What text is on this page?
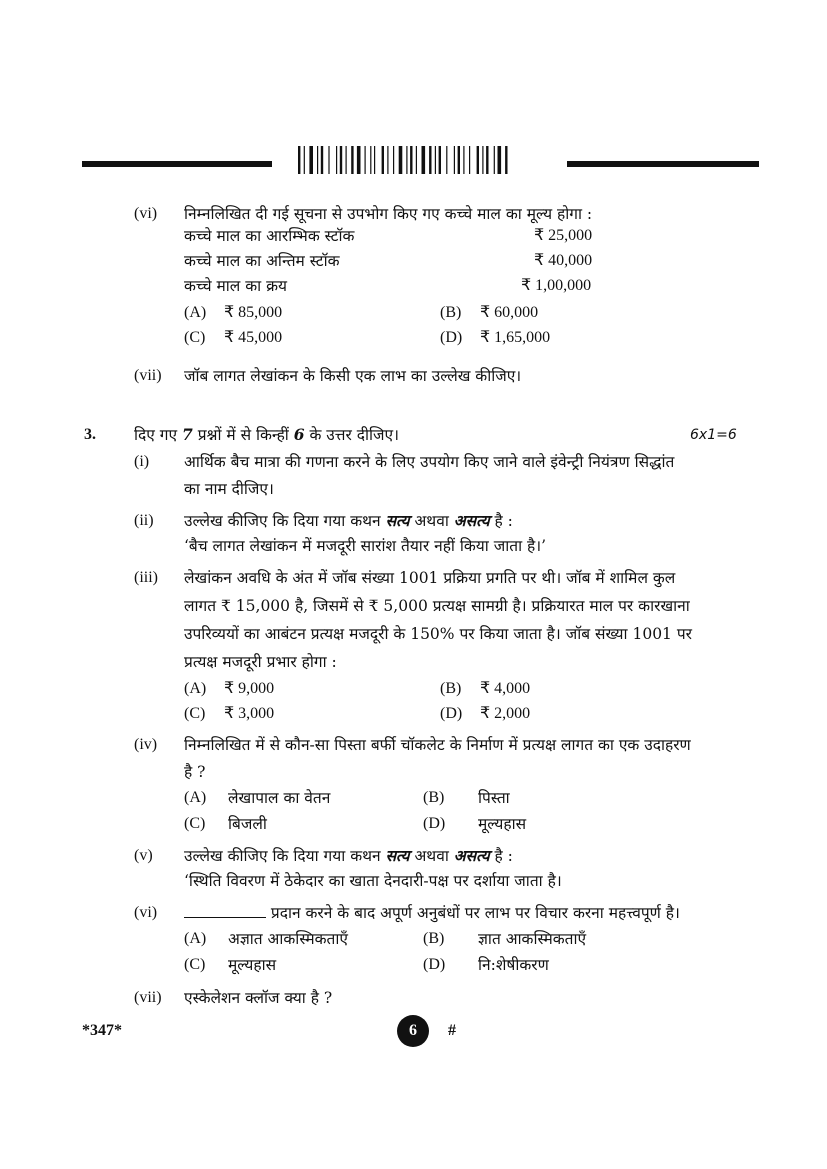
(vi) निम्नलिखित दी गई सूचना से उपभोग किए गए कच्चे माल का मूल्य होगा :
कच्चे माल का आरम्भिक स्टॉक	₹ 25,000
कच्चे माल का अन्तिम स्टॉक	₹ 40,000
कच्चे माल का क्रय	₹ 1,00,000
(A) ₹ 85,000	(B) ₹ 60,000
(C) ₹ 45,000	(D) ₹ 1,65,000
(vii) जॉब लागत लेखांकन के किसी एक लाभ का उल्लेख कीजिए।
3. दिए गए 7 प्रश्नों में से किन्हीं 6 के उत्तर दीजिए।	6x1=6
(i) आर्थिक बैच मात्रा की गणना करने के लिए उपयोग किए जाने वाले इंवेन्ट्री नियंत्रण सिद्धांत
का नाम दीजिए।
(ii) उल्लेख कीजिए कि दिया गया कथन सत्य अथवा असत्य है :
‘बैच लागत लेखांकन में मजदूरी सारांश तैयार नहीं किया जाता है।’
(iii) लेखांकन अवधि के अंत में जॉब संख्या 1001 प्रक्रिया प्रगति पर थी। जॉब में शामिल कुल
लागत ₹ 15,000 है, जिसमें से ₹ 5,000 प्रत्यक्ष सामग्री है। प्रक्रियारत माल पर कारखाना
उपरिव्ययों का आबंटन प्रत्यक्ष मजदूरी के 150% पर किया जाता है। जॉब संख्या 1001 पर
प्रत्यक्ष मजदूरी प्रभार होगा :
(A) ₹ 9,000	(B) ₹ 4,000
(C) ₹ 3,000	(D) ₹ 2,000
(iv) निम्नलिखित में से कौन-सा पिस्ता बर्फी चॉकलेट के निर्माण में प्रत्यक्ष लागत का एक उदाहरण
है ?
(A) लेखापाल का वेतन	(B) पिस्ता
(C) बिजली	(D) मूल्यहास
(v) उल्लेख कीजिए कि दिया गया कथन सत्य अथवा असत्य है :
‘स्थिति विवरण में ठेकेदार का खाता देनदारी-पक्ष पर दर्शाया जाता है।
(vi)	प्रदान करने के बाद अपूर्ण अनुबंधों पर लाभ पर विचार करना महत्त्वपूर्ण है।
(A) अज्ञात आकस्मिकताएँ	(B) ज्ञात आकस्मिकताएँ
(C) मूल्यहास	(D) नि:शेषीकरण
(vii) एस्केलेशन क्लॉज क्या है ?
*347*	6	#
